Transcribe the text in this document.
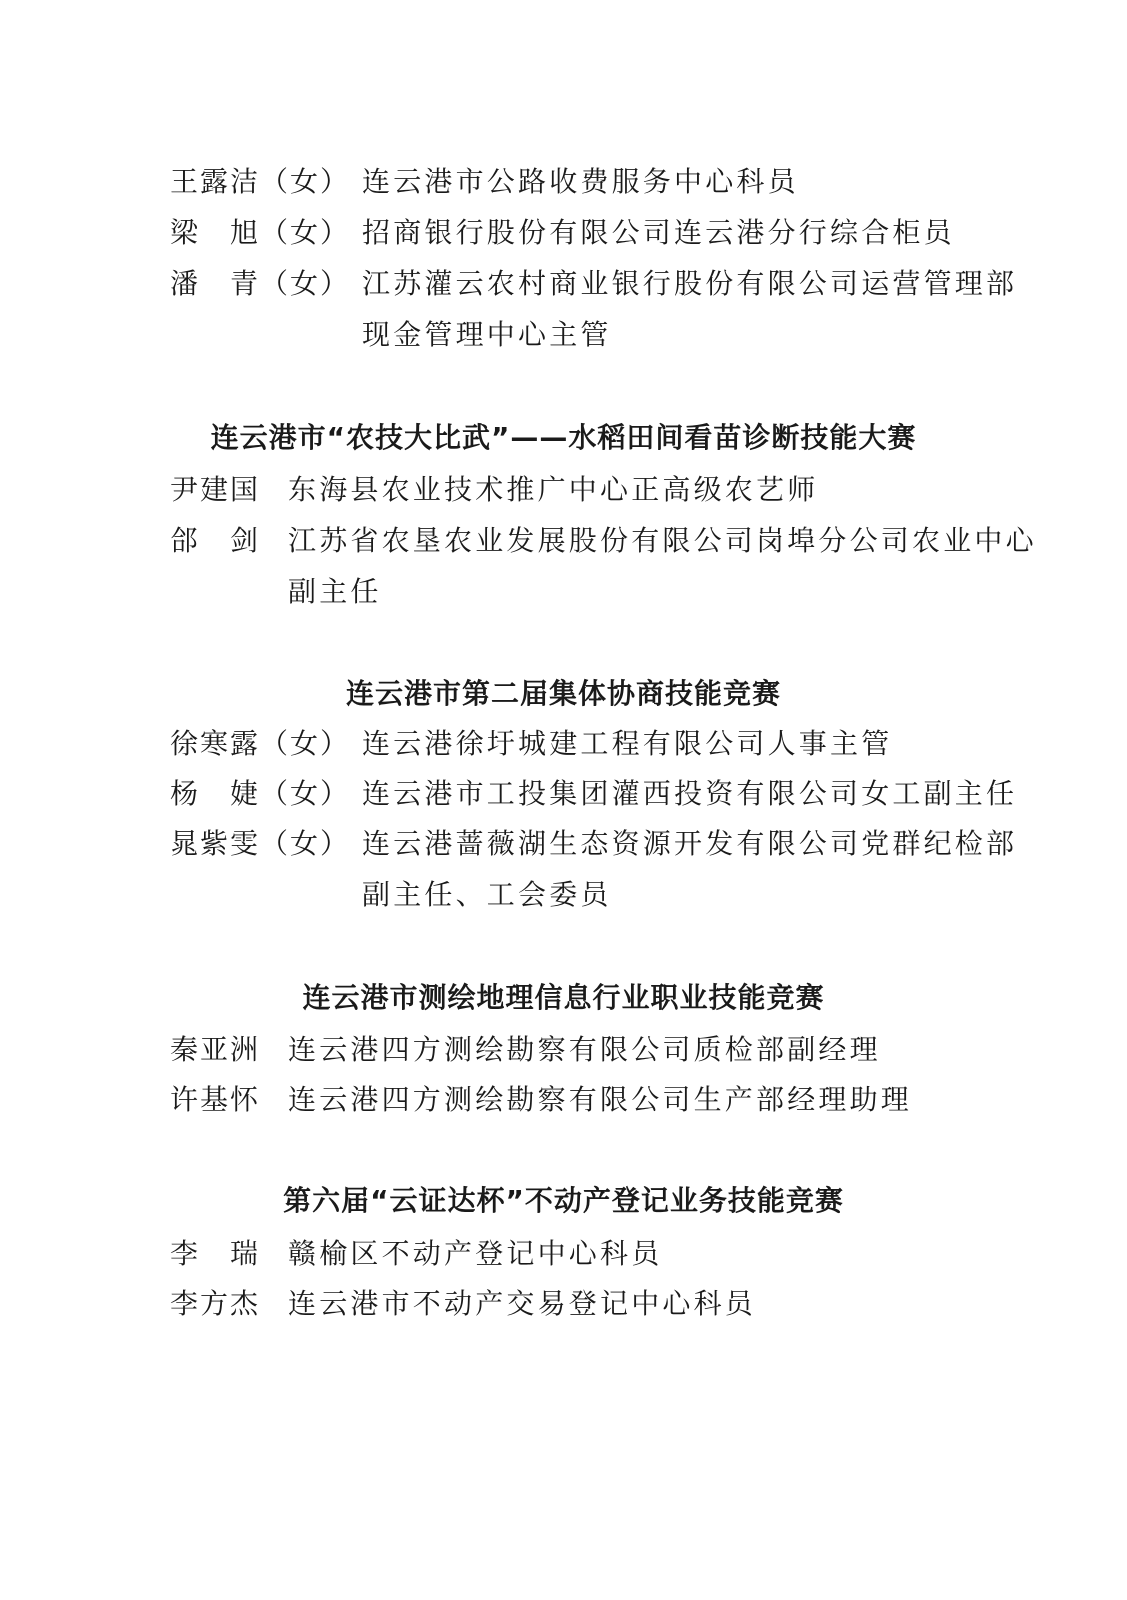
王露洁（女） 连云港市公路收费服务中心科员
梁　旭（女） 招商银行股份有限公司连云港分行综合柜员
潘　青（女） 江苏灌云农村商业银行股份有限公司运营管理部
现金管理中心主管
连云港市“农技大比武”——水稻田间看苗诊断技能大赛
尹建国 东海县农业技术推广中心正高级农艺师
郃　剑 江苏省农垦农业发展股份有限公司岗埠分公司农业中心
副主任
连云港市第二届集体协商技能竞赛
徐寒露（女） 连云港徐圩城建工程有限公司人事主管
杨　婕（女） 连云港市工投集团灌西投资有限公司女工副主任
晁紫雯（女） 连云港蔷薇湖生态资源开发有限公司党群纪检部
副主任、工会委员
连云港市测绘地理信息行业职业技能竞赛
秦亚洲 连云港四方测绘勘察有限公司质检部副经理
许基怀 连云港四方测绘勘察有限公司生产部经理助理
第六届“云证达杯”不动产登记业务技能竞赛
李　瑞 赣榆区不动产登记中心科员
李方杰 连云港市不动产交易登记中心科员
